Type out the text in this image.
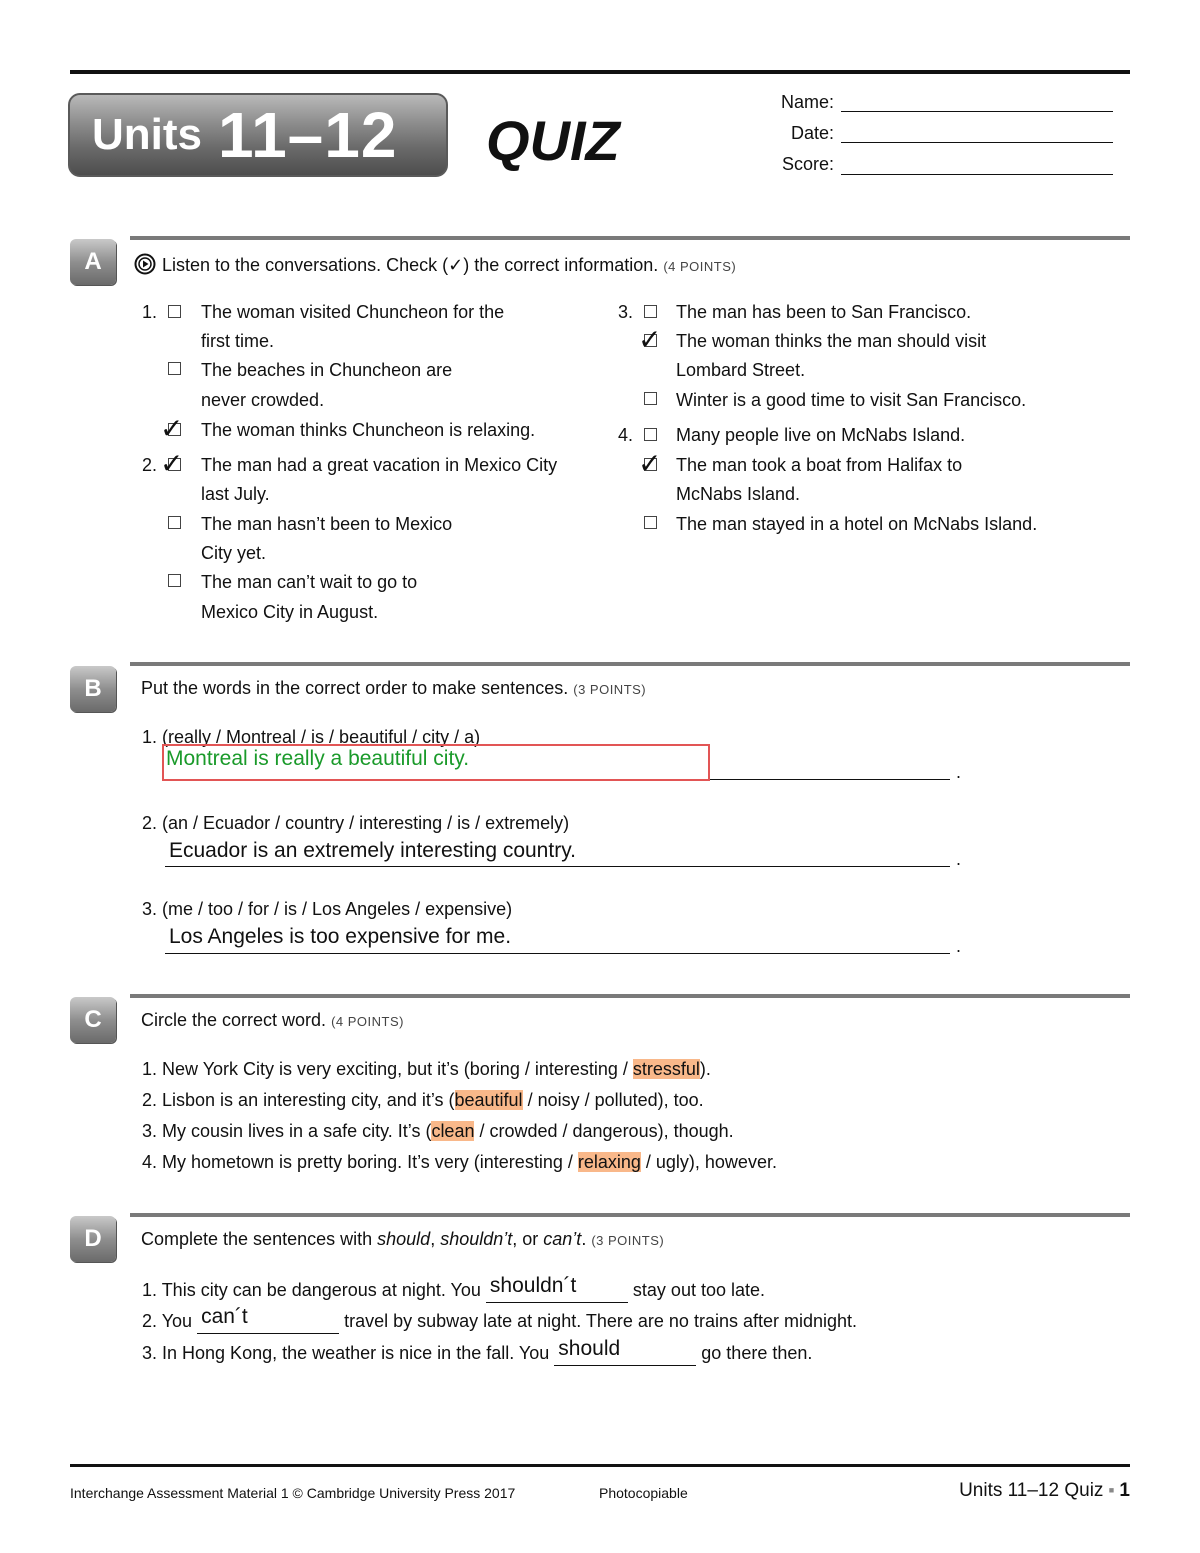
Units 11–12 QUIZ
Name:
Date:
Score:
A	Listen to the conversations. Check (✓) the correct information. (4 POINTS)
1. The woman visited Chuncheon for the
first time.
The beaches in Chuncheon are
never crowded.
✓ The woman thinks Chuncheon is relaxing.
2. ✓ The man had a great vacation in Mexico City
last July.
The man hasn’t been to Mexico
City yet.
The man can’t wait to go to
Mexico City in August.
3. The man has been to San Francisco.
✓ The woman thinks the man should visit
Lombard Street.
Winter is a good time to visit San Francisco.
4. Many people live on McNabs Island.
✓ The man took a boat from Halifax to
McNabs Island.
The man stayed in a hotel on McNabs Island.
B	Put the words in the correct order to make sentences. (3 POINTS)
1. (really / Montreal / is / beautiful / city / a)
Montreal is really a beautiful city.
.
2. (an / Ecuador / country / interesting / is / extremely)
Ecuador is an extremely interesting country.	.
3. (me / too / for / is / Los Angeles / expensive)
Los Angeles is too expensive for me.	.
C	Circle the correct word. (4 POINTS)
1. New York City is very exciting, but it’s (boring / interesting / stressful).
2. Lisbon is an interesting city, and it’s (beautiful / noisy / polluted), too.
3. My cousin lives in a safe city. It’s (clean / crowded / dangerous), though.
4. My hometown is pretty boring. It’s very (interesting / relaxing / ugly), however.
D	Complete the sentences with should, shouldn’t, or can’t. (3 POINTS)
1. This city can be dangerous at night. You shouldn´t	stay out too late.
2. You can´t	travel by subway late at night. There are no trains after midnight.
3. In Hong Kong, the weather is nice in the fall. You should	go there then.
Interchange Assessment Material 1 © Cambridge University Press 2017	Photocopiable	Units 11–12 Quiz ■ 1
